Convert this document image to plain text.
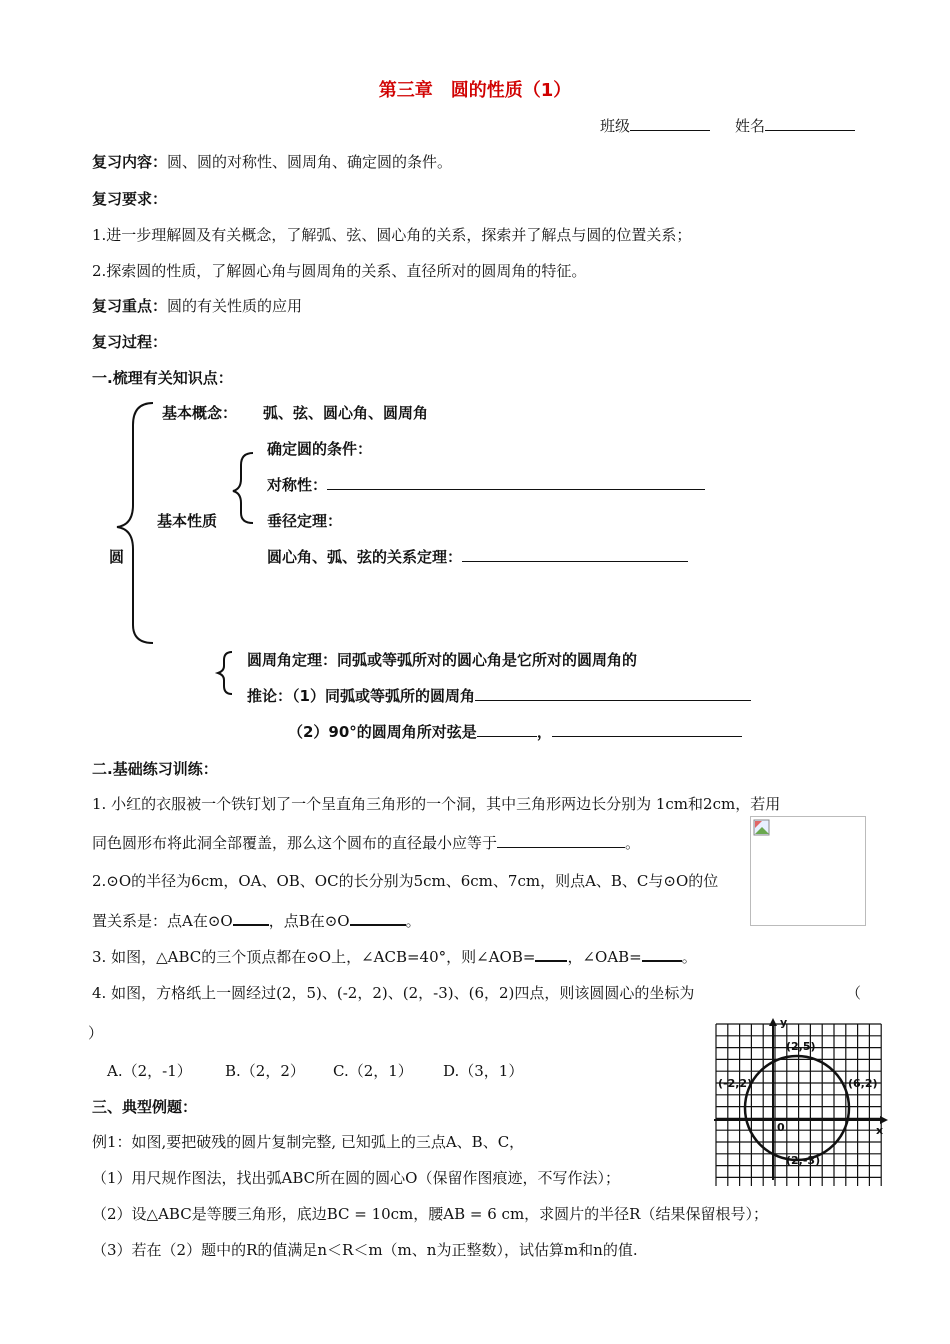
第三章　圆的性质（1）
班级	姓名
复习内容：圆、圆的对称性、圆周角、确定圆的条件。
复习要求：
1.进一步理解圆及有关概念，了解弧、弦、圆心角的关系，探索并了解点与圆的位置关系；
2.探索圆的性质，了解圆心角与圆周角的关系、直径所对的圆周角的特征。
复习重点：圆的有关性质的应用
复习过程：
一.梳理有关知识点：
基本概念： 弧、弦、圆心角、圆周角
确定圆的条件：
对称性：
基本性质	垂径定理：
圆	圆心角、弧、弦的关系定理：
圆周角定理：同弧或等弧所对的圆心角是它所对的圆周角的
推论：（1）同弧或等弧所的圆周角
（2）90°的圆周角所对弦是	，
二.基础练习训练：
1. 小红的衣服被一个铁钉划了一个呈直角三角形的一个洞，其中三角形两边长分别为 1cm和2cm，若用
同色圆形布将此洞全部覆盖，那么这个圆布的直径最小应等于	。
2.⊙O的半径为6cm，OA、OB、OC的长分别为5cm、6cm、7cm，则点A、B、C与⊙O的位
置关系是：点A在⊙O ，点B在⊙O	。
3. 如图，△ABC的三个顶点都在⊙O上，∠ACB=40°，则∠AOB= ，∠OAB=	。
4. 如图，方格纸上一圆经过(2，5)、(-2，2)、(2，-3)、(6，2)四点，则该圆圆心的坐标为	（
）
A.（2，-1） B.（2，2） C.（2，1） D.（3，1）
(2,5)
(-2,2)	(6,2)
(2,-3)
0	x
y
三、典型例题：
例1：如图,要把破残的圆片复制完整, 已知弧上的三点A、B、C，
（1）用尺规作图法，找出弧ABC所在圆的圆心O（保留作图痕迹，不写作法）；
（2）设△ABC是等腰三角形，底边BC = 10cm，腰AB = 6 cm，求圆片的半径R（结果保留根号）；
（3）若在（2）题中的R的值满足n＜R＜m（m、n为正整数），试估算m和n的值.
